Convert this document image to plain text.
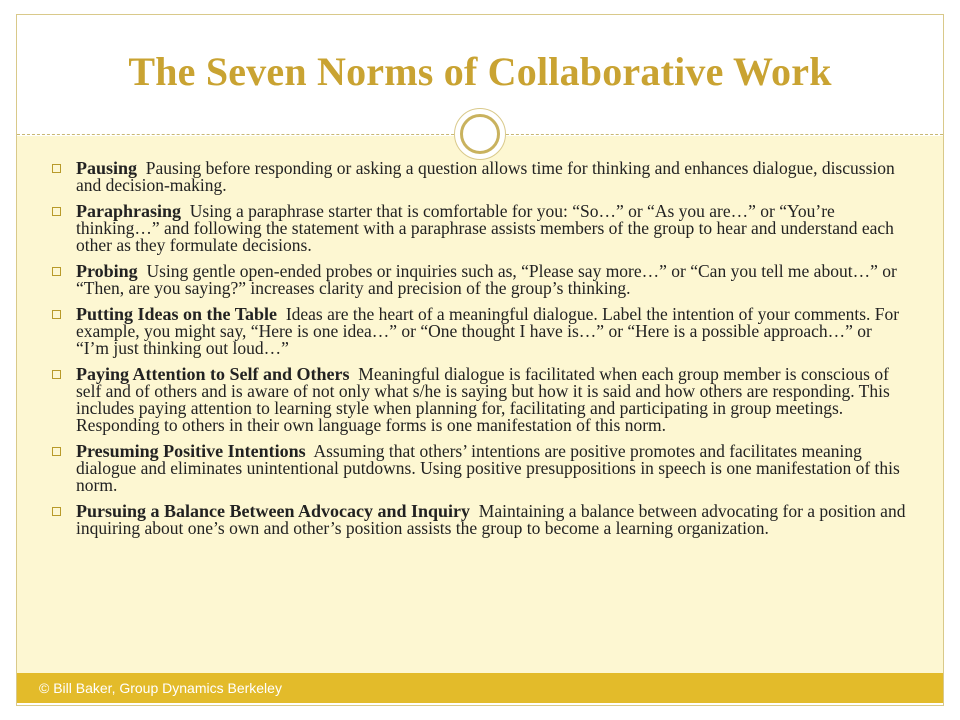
The Seven Norms of Collaborative Work
Pausing Pausing before responding or asking a question allows time for thinking and enhances dialogue, discussion and decision-making.
Paraphrasing Using a paraphrase starter that is comfortable for you: “So…” or “As you are…” or “You’re thinking…” and following the statement with a paraphrase assists members of the group to hear and understand each other as they formulate decisions.
Probing Using gentle open-ended probes or inquiries such as, “Please say more…” or “Can you tell me about…” or “Then, are you saying?” increases clarity and precision of the group’s thinking.
Putting Ideas on the Table Ideas are the heart of a meaningful dialogue. Label the intention of your comments. For example, you might say, “Here is one idea…” or “One thought I have is…” or “Here is a possible approach…” or “I’m just thinking out loud…”
Paying Attention to Self and Others Meaningful dialogue is facilitated when each group member is conscious of self and of others and is aware of not only what s/he is saying but how it is said and how others are responding. This includes paying attention to learning style when planning for, facilitating and participating in group meetings. Responding to others in their own language forms is one manifestation of this norm.
Presuming Positive Intentions Assuming that others’ intentions are positive promotes and facilitates meaning dialogue and eliminates unintentional putdowns. Using positive presuppositions in speech is one manifestation of this norm.
Pursuing a Balance Between Advocacy and Inquiry Maintaining a balance between advocating for a position and inquiring about one’s own and other’s position assists the group to become a learning organization.
© Bill Baker, Group Dynamics Berkeley
